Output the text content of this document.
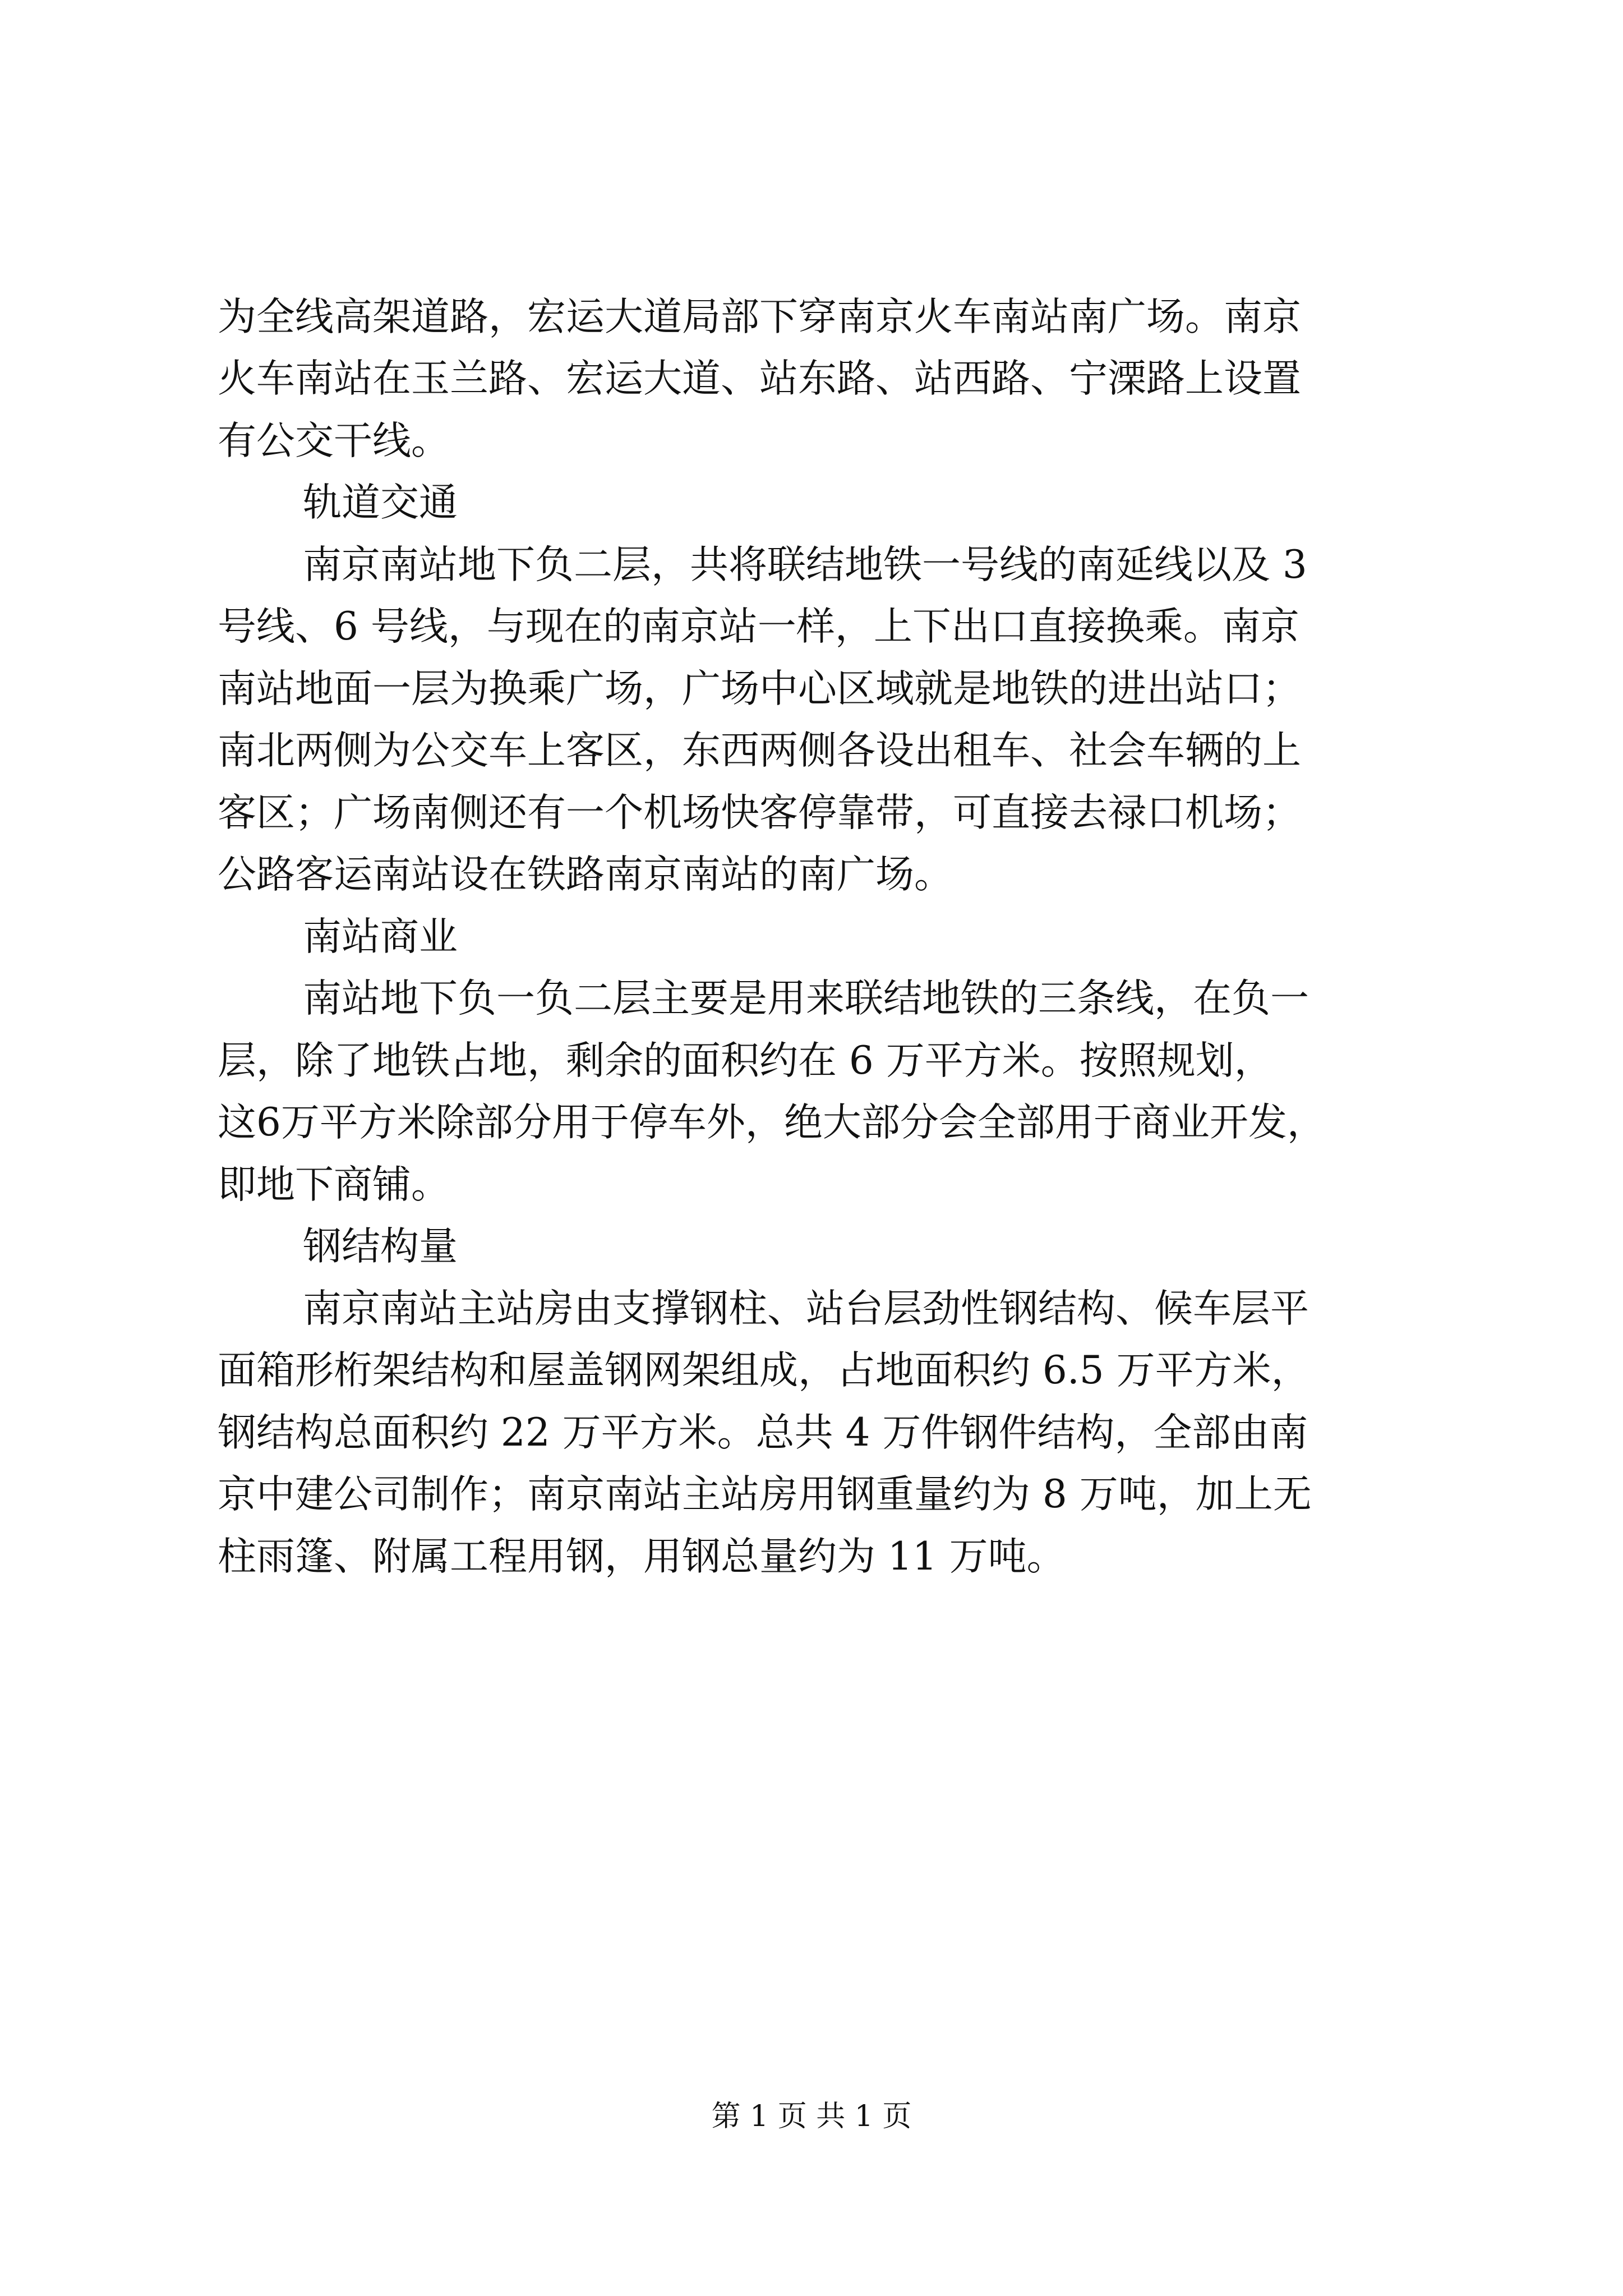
为全线高架道路，宏运大道局部下穿南京火车南站南广场。南京
火车南站在玉兰路、宏运大道、站东路、站西路、宁溧路上设置
有公交干线。
轨道交通
南京南站地下负二层，共将联结地铁一号线的南延线以及 3
号线、6 号线，与现在的南京站一样，上下出口直接换乘。南京
南站地面一层为换乘广场，广场中心区域就是地铁的进出站口；
南北两侧为公交车上客区，东西两侧各设出租车、社会车辆的上
客区；广场南侧还有一个机场快客停靠带，可直接去禄口机场；
公路客运南站设在铁路南京南站的南广场。
南站商业
南站地下负一负二层主要是用来联结地铁的三条线，在负一
层，除了地铁占地，剩余的面积约在 6 万平方米。按照规划，
这6万平方米除部分用于停车外，绝大部分会全部用于商业开发，
即地下商铺。
钢结构量
南京南站主站房由支撑钢柱、站台层劲性钢结构、候车层平
面箱形桁架结构和屋盖钢网架组成，占地面积约 6.5 万平方米，
钢结构总面积约 22 万平方米。总共 4 万件钢件结构，全部由南
京中建公司制作；南京南站主站房用钢重量约为 8 万吨，加上无
柱雨篷、附属工程用钢，用钢总量约为 11 万吨。
第 1 页 共 1 页
